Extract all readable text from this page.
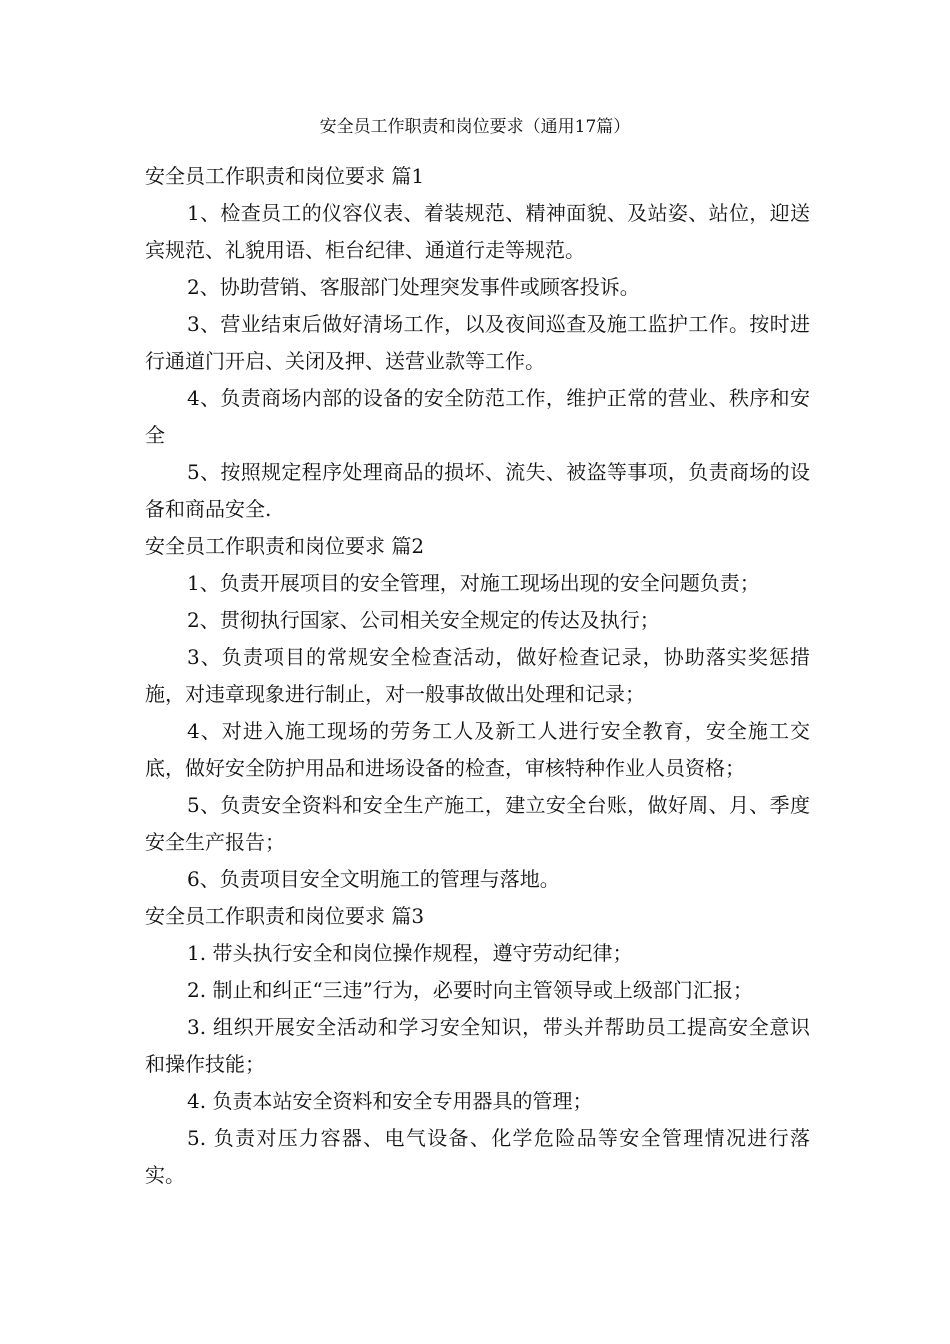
安全员工作职责和岗位要求（通用17篇）
安全员工作职责和岗位要求 篇1

1、检查员工的仪容仪表、着装规范、精神面貌、及站姿、站位，迎送宾规范、礼貌用语、柜台纪律、通道行走等规范。

2、协助营销、客服部门处理突发事件或顾客投诉。

3、营业结束后做好清场工作，以及夜间巡查及施工监护工作。按时进行通道门开启、关闭及押、送营业款等工作。

4、负责商场内部的设备的安全防范工作，维护正常的营业、秩序和安全

5、按照规定程序处理商品的损坏、流失、被盗等事项，负责商场的设备和商品安全.

安全员工作职责和岗位要求 篇2

1、负责开展项目的安全管理，对施工现场出现的安全问题负责；

2、贯彻执行国家、公司相关安全规定的传达及执行；

3、负责项目的常规安全检查活动，做好检查记录，协助落实奖惩措施，对违章现象进行制止，对一般事故做出处理和记录；

4、对进入施工现场的劳务工人及新工人进行安全教育，安全施工交底，做好安全防护用品和进场设备的检查，审核特种作业人员资格；

5、负责安全资料和安全生产施工，建立安全台账，做好周、月、季度安全生产报告；

6、负责项目安全文明施工的管理与落地。

安全员工作职责和岗位要求 篇3

1. 带头执行安全和岗位操作规程，遵守劳动纪律；

2. 制止和纠正“三违”行为，必要时向主管领导或上级部门汇报；

3. 组织开展安全活动和学习安全知识，带头并帮助员工提高安全意识和操作技能；

4. 负责本站安全资料和安全专用器具的管理；

5. 负责对压力容器、电气设备、化学危险品等安全管理情况进行落实。
